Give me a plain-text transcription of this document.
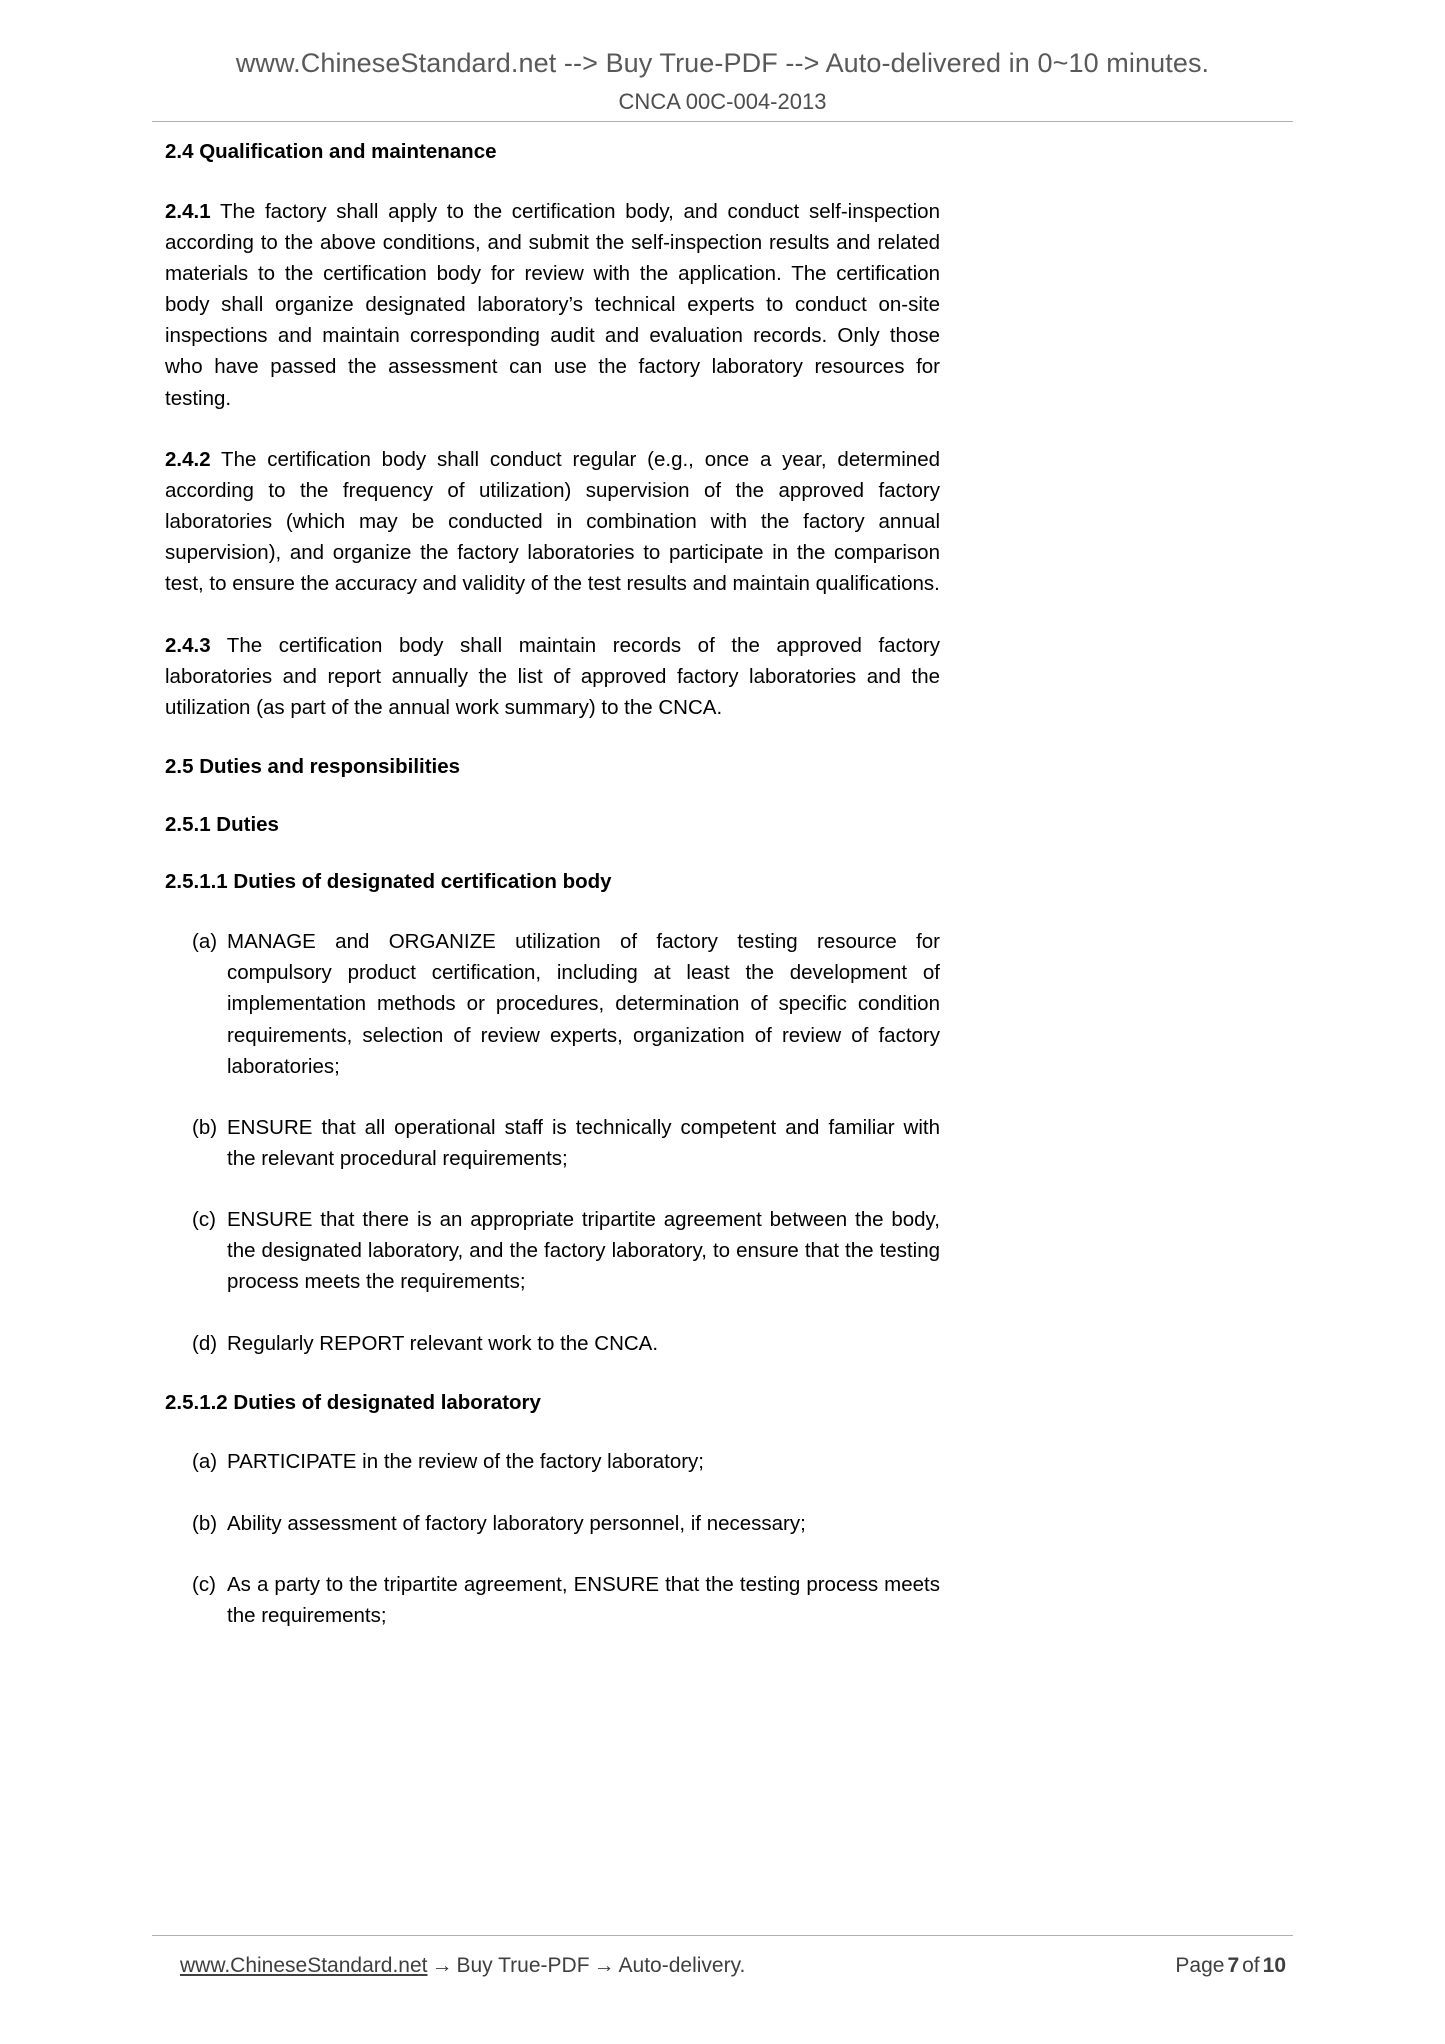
www.ChineseStandard.net --> Buy True-PDF --> Auto-delivered in 0~10 minutes.
CNCA 00C-004-2013
2.4 Qualification and maintenance

2.4.1 The factory shall apply to the certification body, and conduct self-inspection according to the above conditions, and submit the self-inspection results and related materials to the certification body for review with the application. The certification body shall organize designated laboratory’s technical experts to conduct on-site inspections and maintain corresponding audit and evaluation records. Only those who have passed the assessment can use the factory laboratory resources for testing.

2.4.2 The certification body shall conduct regular (e.g., once a year, determined according to the frequency of utilization) supervision of the approved factory laboratories (which may be conducted in combination with the factory annual supervision), and organize the factory laboratories to participate in the comparison test, to ensure the accuracy and validity of the test results and maintain qualifications.

2.4.3 The certification body shall maintain records of the approved factory laboratories and report annually the list of approved factory laboratories and the utilization (as part of the annual work summary) to the CNCA.

2.5 Duties and responsibilities
2.5.1 Duties
2.5.1.1 Duties of designated certification body
(a) MANAGE and ORGANIZE utilization of factory testing resource for compulsory product certification, including at least the development of implementation methods or procedures, determination of specific condition requirements, selection of review experts, organization of review of factory laboratories;
(b) ENSURE that all operational staff is technically competent and familiar with the relevant procedural requirements;
(c) ENSURE that there is an appropriate tripartite agreement between the body, the designated laboratory, and the factory laboratory, to ensure that the testing process meets the requirements;
(d) Regularly REPORT relevant work to the CNCA.
2.5.1.2 Duties of designated laboratory
(a) PARTICIPATE in the review of the factory laboratory;
(b) Ability assessment of factory laboratory personnel, if necessary;
(c) As a party to the tripartite agreement, ENSURE that the testing process meets the requirements;
www.ChineseStandard.net → Buy True-PDF → Auto-delivery.	Page 7 of 10
